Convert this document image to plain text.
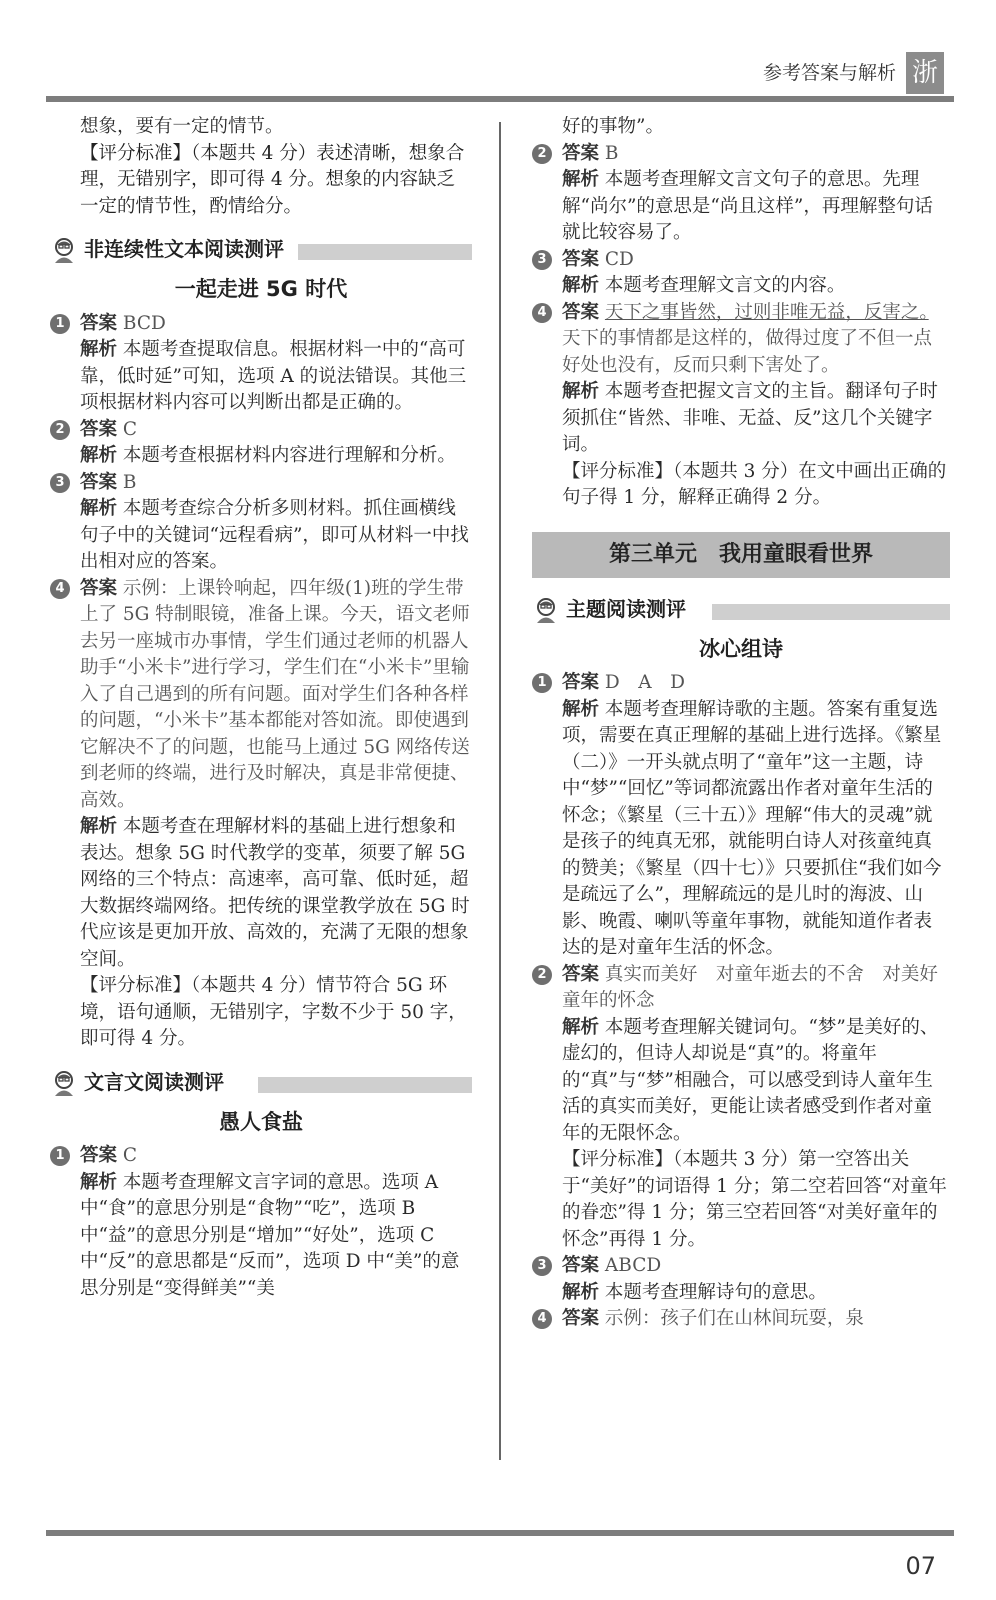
参考答案与解析 浙

想象，要有一定的情节。

【评分标准】（本题共 4 分）表述清晰，想象合理，无错别字，即可得 4 分。想象的内容缺乏一定的情节性，酌情给分。

非连续性文本阅读测评
一起走进 5G 时代
1 答案 BCD

解析 本题考查提取信息。根据材料一中的“高可靠，低时延”可知，选项 A 的说法错误。其他三项根据材料内容可以判断出都是正确的。

2 答案 C

解析 本题考查根据材料内容进行理解和分析。

3 答案 B

解析 本题考查综合分析多则材料。抓住画横线句子中的关键词“远程看病”，即可从材料一中找出相对应的答案。

4 答案 示例：上课铃响起，四年级(1)班的学生带上了 5G 特制眼镜，准备上课。今天，语文老师去另一座城市办事情，学生们通过老师的机器人助手“小米卡”进行学习，学生们在“小米卡”里输入了自己遇到的所有问题。面对学生们各种各样的问题，“小米卡”基本都能对答如流。即使遇到它解决不了的问题，也能马上通过 5G 网络传送到老师的终端，进行及时解决，真是非常便捷、高效。

解析 本题考查在理解材料的基础上进行想象和表达。想象 5G 时代教学的变革，须要了解 5G 网络的三个特点：高速率，高可靠、低时延，超大数据终端网络。把传统的课堂教学放在 5G 时代应该是更加开放、高效的，充满了无限的想象空间。

【评分标准】（本题共 4 分）情节符合 5G 环境，语句通顺，无错别字，字数不少于 50 字，即可得 4 分。

文言文阅读测评
愚人食盐
1 答案 C

解析 本题考查理解文言字词的意思。选项 A 中“食”的意思分别是“食物”“吃”，选项 B 中“益”的意思分别是“增加”“好处”，选项 C 中“反”的意思都是“反而”，选项 D 中“美”的意思分别是“变得鲜美”“美

好的事物”。

2 答案 B

解析 本题考查理解文言文句子的意思。先理解“尚尔”的意思是“尚且这样”，再理解整句话就比较容易了。

3 答案 CD

解析 本题考查理解文言文的内容。

4 答案 天下之事皆然，过则非唯无益，反害之。　天下的事情都是这样的，做得过度了不但一点好处也没有，反而只剩下害处了。

解析 本题考查把握文言文的主旨。翻译句子时须抓住“皆然、非唯、无益、反”这几个关键字词。

【评分标准】（本题共 3 分）在文中画出正确的句子得 1 分，解释正确得 2 分。

第三单元　我用童眼看世界
主题阅读测评
冰心组诗
1 答案 D　A　D

解析 本题考查理解诗歌的主题。答案有重复选项，需要在真正理解的基础上进行选择。《繁星（二）》一开头就点明了“童年”这一主题，诗中“梦”“回忆”等词都流露出作者对童年生活的怀念；《繁星（三十五）》理解“伟大的灵魂”就是孩子的纯真无邪，就能明白诗人对孩童纯真的赞美；《繁星（四十七）》只要抓住“我们如今是疏远了么”，理解疏远的是儿时的海波、山影、晚霞、喇叭等童年事物，就能知道作者表达的是对童年生活的怀念。

2 答案 真实而美好　对童年逝去的不舍　对美好童年的怀念

解析 本题考查理解关键词句。“梦”是美好的、虚幻的，但诗人却说是“真”的。将童年的“真”与“梦”相融合，可以感受到诗人童年生活的真实而美好，更能让读者感受到作者对童年的无限怀念。

【评分标准】（本题共 3 分）第一空答出关于“美好”的词语得 1 分；第二空若回答“对童年的眷恋”得 1 分；第三空若回答“对美好童年的怀念”再得 1 分。

3 答案 ABCD

解析 本题考查理解诗句的意思。

4 答案 示例：孩子们在山林间玩耍，泉

07
